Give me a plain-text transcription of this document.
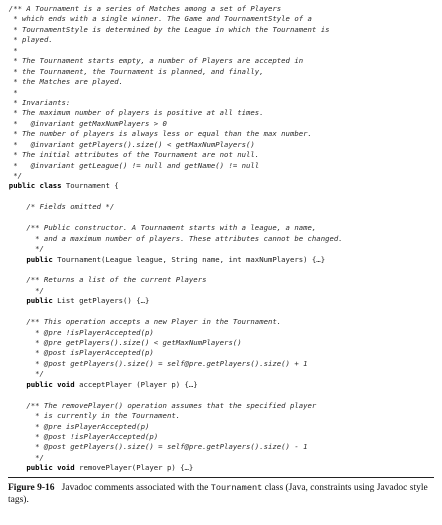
/** A Tournament is a series of Matches among a set of Players
* which ends with a single winner. The Game and TournamentStyle of a
* TournamentStyle is determined by the League in which the Tournament is
* played.
*
* The Tournament starts empty, a number of Players are accepted in
* the Tournament, the Tournament is planned, and finally,
* the Matches are played.
*
* Invariants:
* The maximum number of players is positive at all times.
*   @invariant getMaxNumPlayers > 0
* The number of players is always less or equal than the max number.
*   @invariant getPlayers().size() < getMaxNumPlayers()
* The initial attributes of the Tournament are not null.
*   @invariant getLeague() != null and getName() != null
*/
public class Tournament {
/* Fields omitted */
/** Public constructor. A Tournament starts with a league, a name,
* and a maximum number of players. These attributes cannot be changed.
*/
public Tournament(League league, String name, int maxNumPlayers) {…}
/** Returns a list of the current Players
*/
public List getPlayers() {…}
/** This operation accepts a new Player in the Tournament.
* @pre !isPlayerAccepted(p)
* @pre getPlayers().size() < getMaxNumPlayers()
* @post isPlayerAccepted(p)
* @post getPlayers().size() = self@pre.getPlayers().size() + 1
*/
public void acceptPlayer (Player p) {…}
/** The removePlayer() operation assumes that the specified player
* is currently in the Tournament.
* @pre isPlayerAccepted(p)
* @post !isPlayerAccepted(p)
* @post getPlayers().size() = self@pre.getPlayers().size() - 1
*/
public void removePlayer(Player p) {…}
Figure 9-16 Javadoc comments associated with the Tournament class (Java, constraints using Javadoc style tags).
